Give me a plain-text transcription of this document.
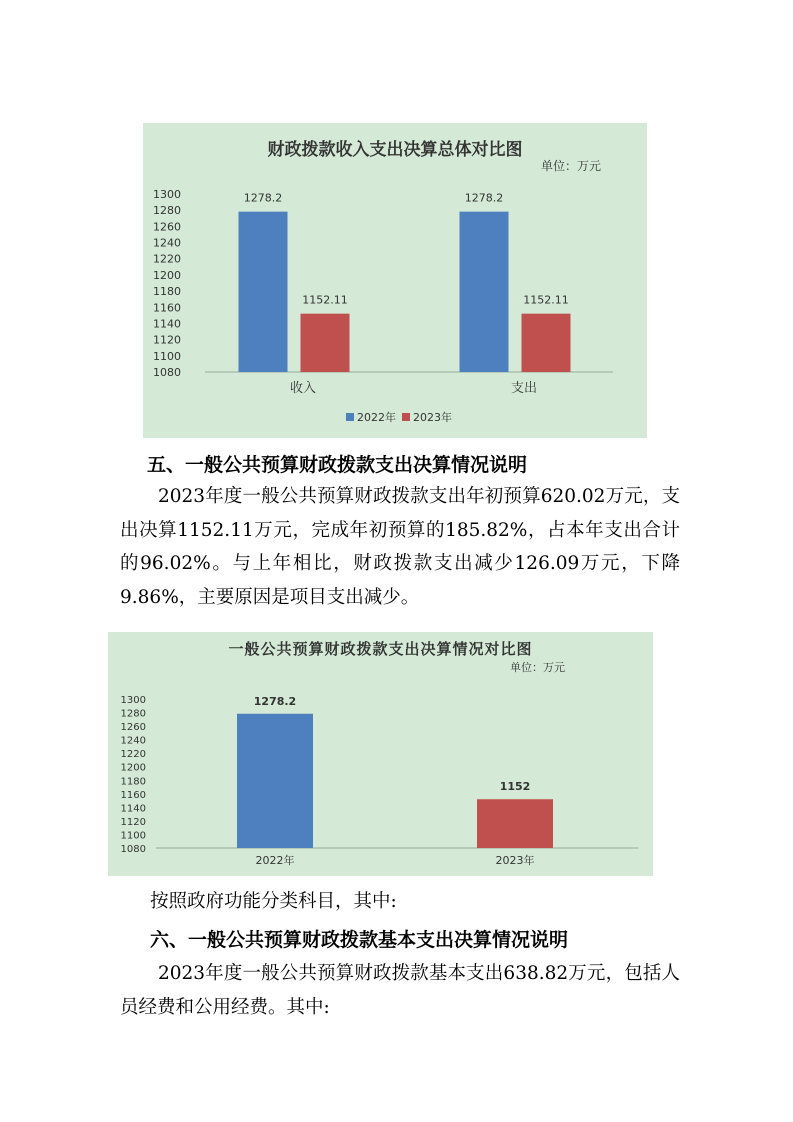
财政拨款收入支出决算总体对比图
单位：万元
1300
1280
1260
1240
1220
1200
1180
1160
1140
1120
1100
1080
收入
1278.2
1152.11
支出
1278.2
1152.11
2022年 2023年
五、一般公共预算财政拨款支出决算情况说明
2023年度一般公共预算财政拨款支出年初预算620.02万元，支出决算1152.11万元，完成年初预算的185.82%，占本年支出合计的96.02%。与上年相比，财政拨款支出减少126.09万元，下降9.86%，主要原因是项目支出减少。
一般公共预算财政拨款支出决算情况对比图
单位：万元
1300
1280
1260
1240
1220
1200
1180
1160
1140
1120
1100
1080
1278.2
2022年
1152
2023年
按照政府功能分类科目，其中:
六、一般公共预算财政拨款基本支出决算情况说明
2023年度一般公共预算财政拨款基本支出638.82万元，包括人员经费和公用经费。其中:
